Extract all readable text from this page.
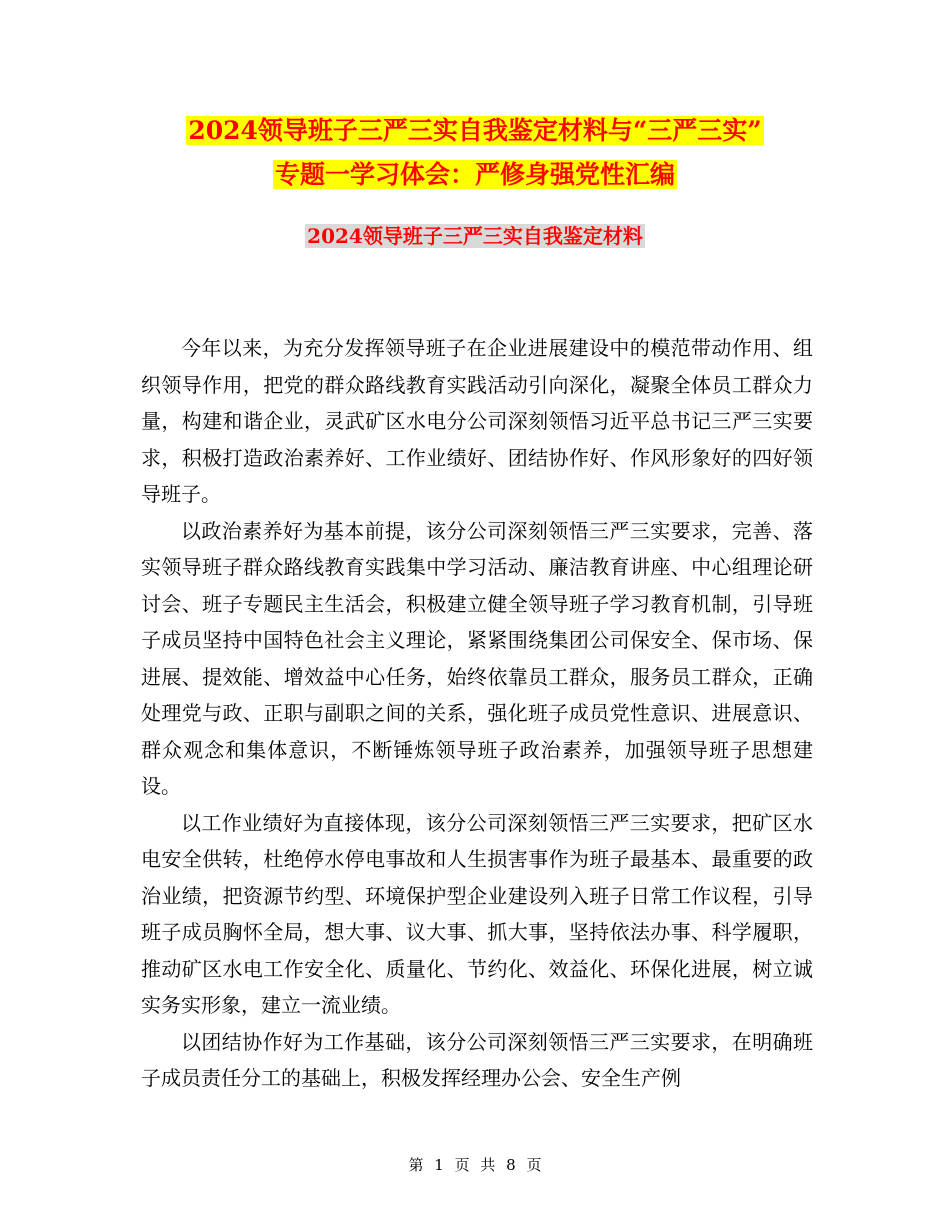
2024领导班子三严三实自我鉴定材料与“三严三实”
专题一学习体会：严修身强党性汇编
2024领导班子三严三实自我鉴定材料

今年以来，为充分发挥领导班子在企业进展建设中的模范带动作用、组织领导作用，把党的群众路线教育实践活动引向深化，凝聚全体员工群众力量，构建和谐企业，灵武矿区水电分公司深刻领悟习近平总书记三严三实要求，积极打造政治素养好、工作业绩好、团结协作好、作风形象好的四好领导班子。

以政治素养好为基本前提，该分公司深刻领悟三严三实要求，完善、落实领导班子群众路线教育实践集中学习活动、廉洁教育讲座、中心组理论研讨会、班子专题民主生活会，积极建立健全领导班子学习教育机制，引导班子成员坚持中国特色社会主义理论，紧紧围绕集团公司保安全、保市场、保进展、提效能、增效益中心任务，始终依靠员工群众，服务员工群众，正确处理党与政、正职与副职之间的关系，强化班子成员党性意识、进展意识、群众观念和集体意识，不断锤炼领导班子政治素养，加强领导班子思想建设。

以工作业绩好为直接体现，该分公司深刻领悟三严三实要求，把矿区水电安全供转，杜绝停水停电事故和人生损害事作为班子最基本、最重要的政治业绩，把资源节约型、环境保护型企业建设列入班子日常工作议程，引导班子成员胸怀全局，想大事、议大事、抓大事，坚持依法办事、科学履职，推动矿区水电工作安全化、质量化、节约化、效益化、环保化进展，树立诚实务实形象，建立一流业绩。

以团结协作好为工作基础，该分公司深刻领悟三严三实要求，在明确班子成员责任分工的基础上，积极发挥经理办公会、安全生产例

第 1 页 共 8 页
